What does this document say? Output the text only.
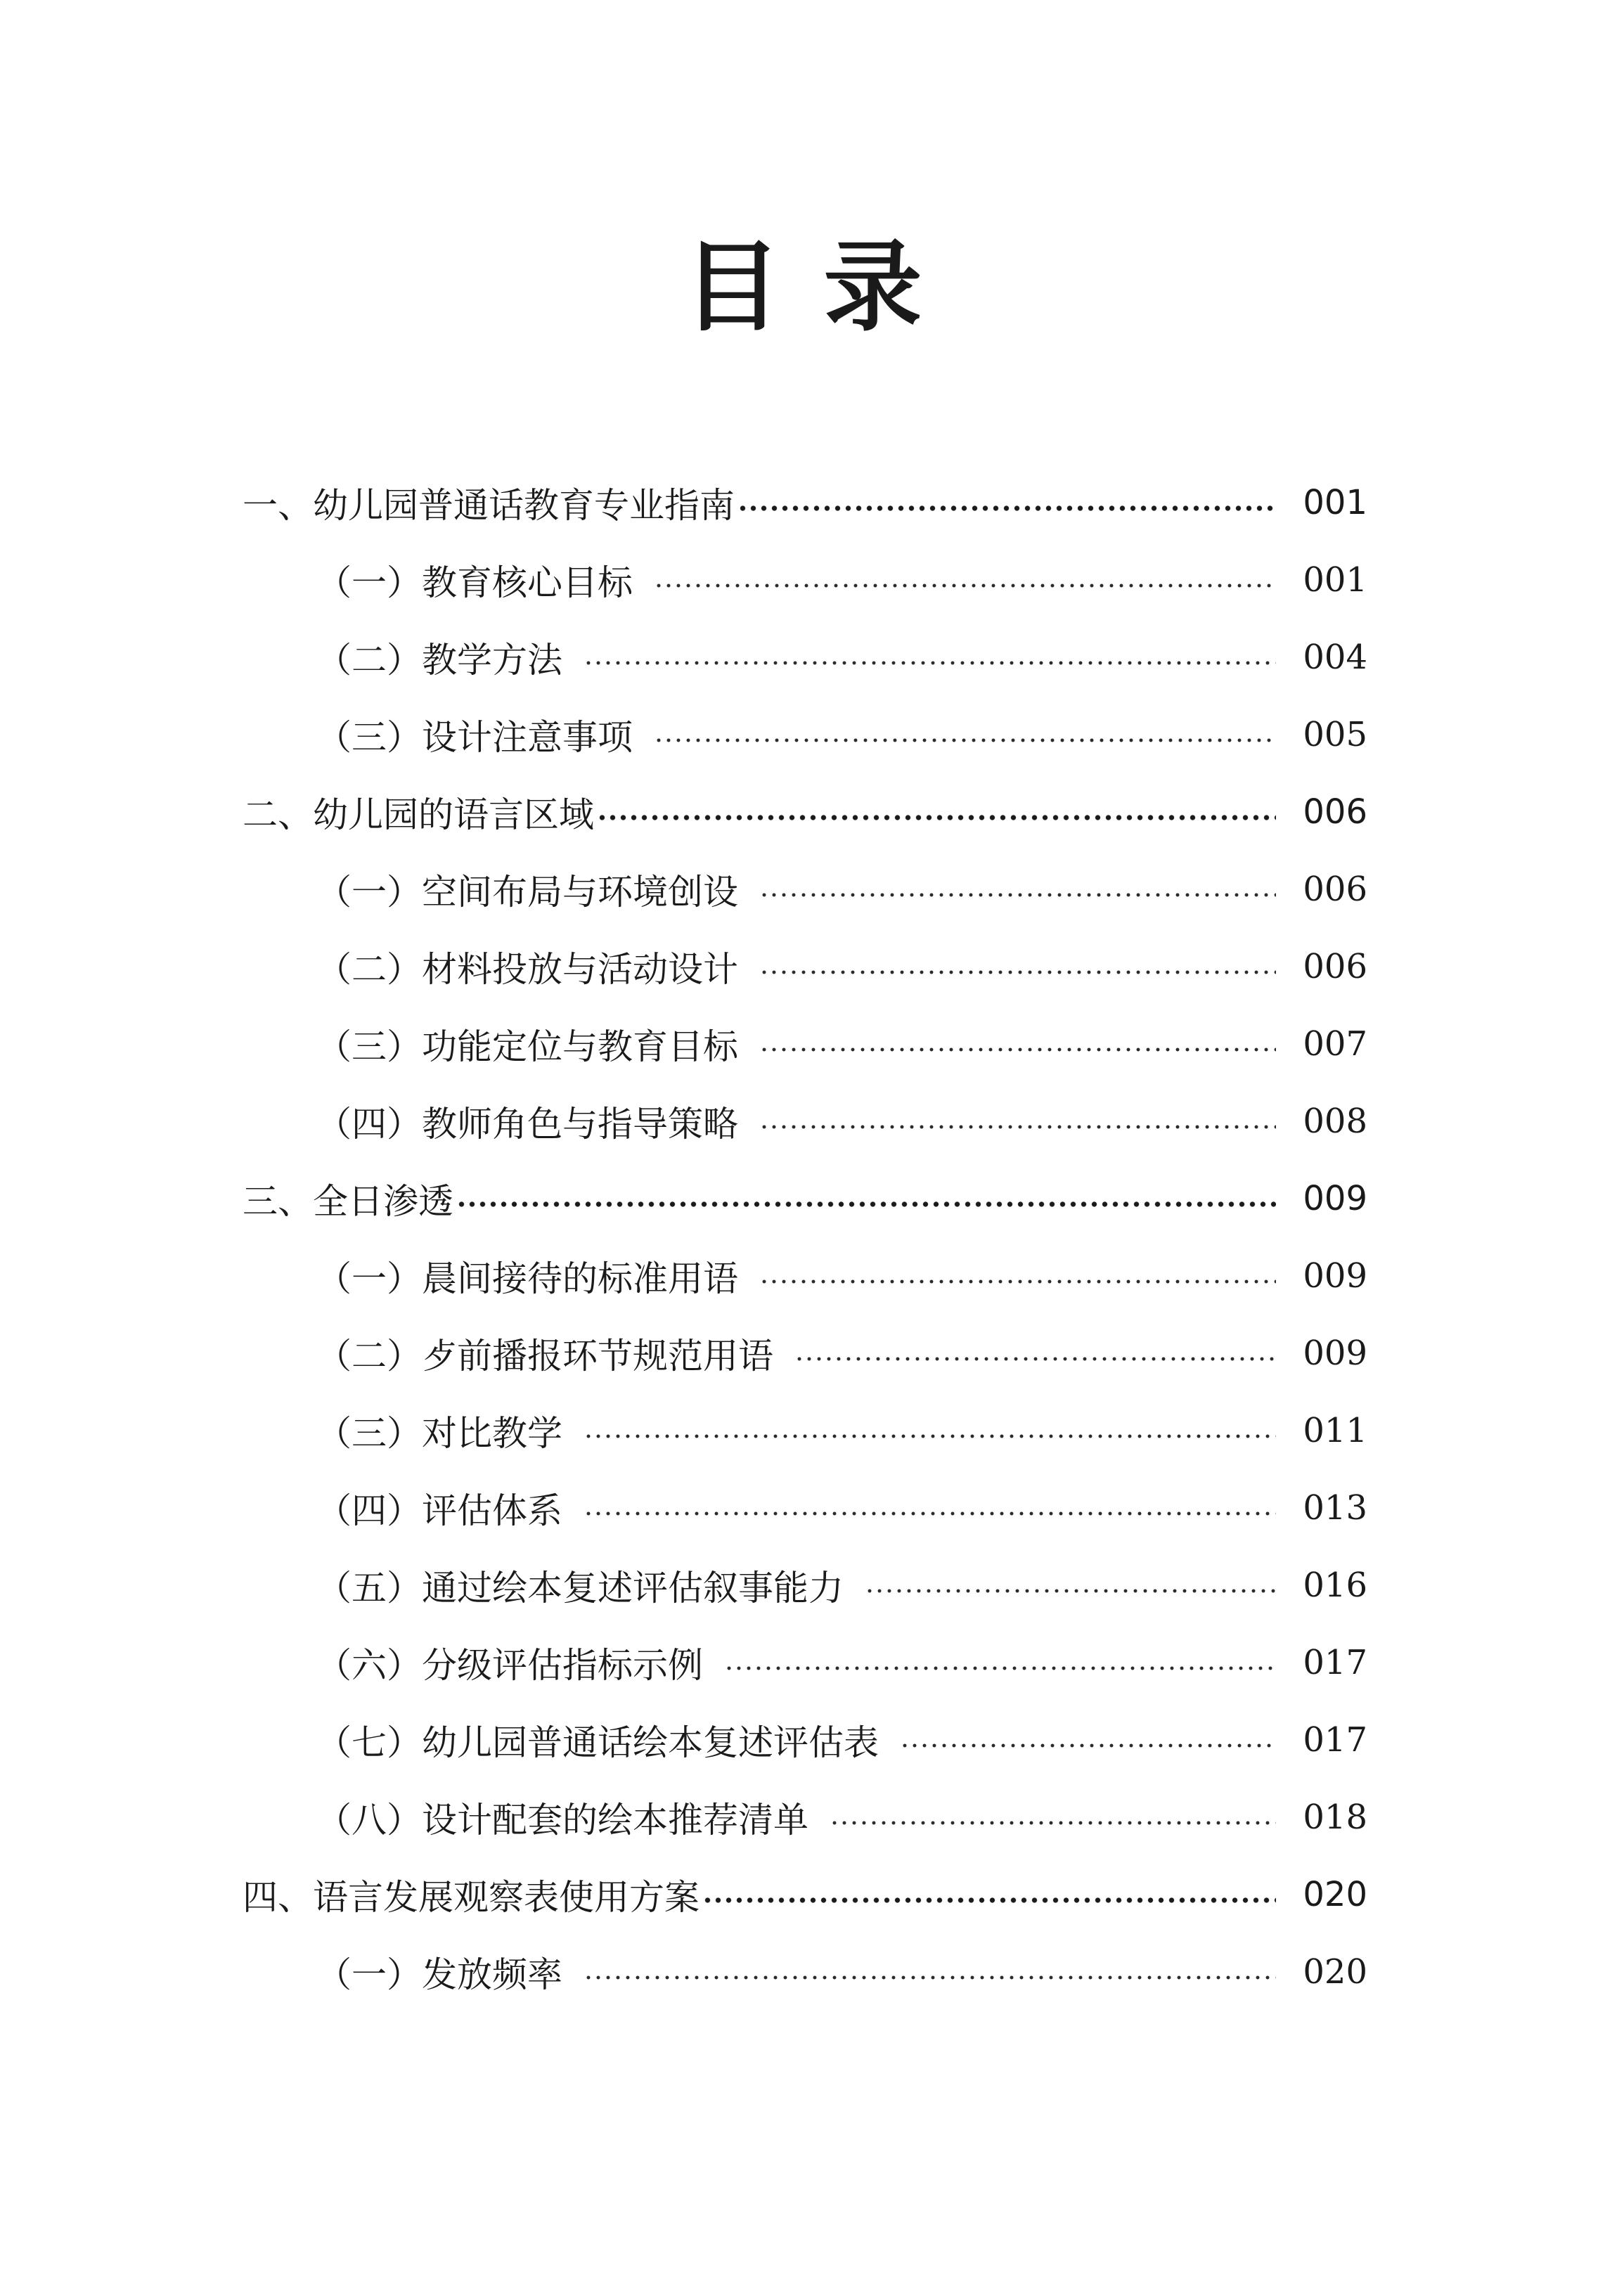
目录
一、幼儿园普通话教育专业指南	001
（一）教育核心目标	001
（二）教学方法	004
（三）设计注意事项	005
二、幼儿园的语言区域	006
（一）空间布局与环境创设	006
（二）材料投放与活动设计	006
（三）功能定位与教育目标	007
（四）教师角色与指导策略	008
三、全日渗透	009
（一）晨间接待的标准用语	009
（二）歺前播报环节规范用语	009
（三）对比教学	011
（四）评估体系	013
（五）通过绘本复述评估叙事能力	016
（六）分级评估指标示例	017
（七）幼儿园普通话绘本复述评估表	017
（八）设计配套的绘本推荐清单	018
四、语言发展观察表使用方案	020
（一）发放频率	020
